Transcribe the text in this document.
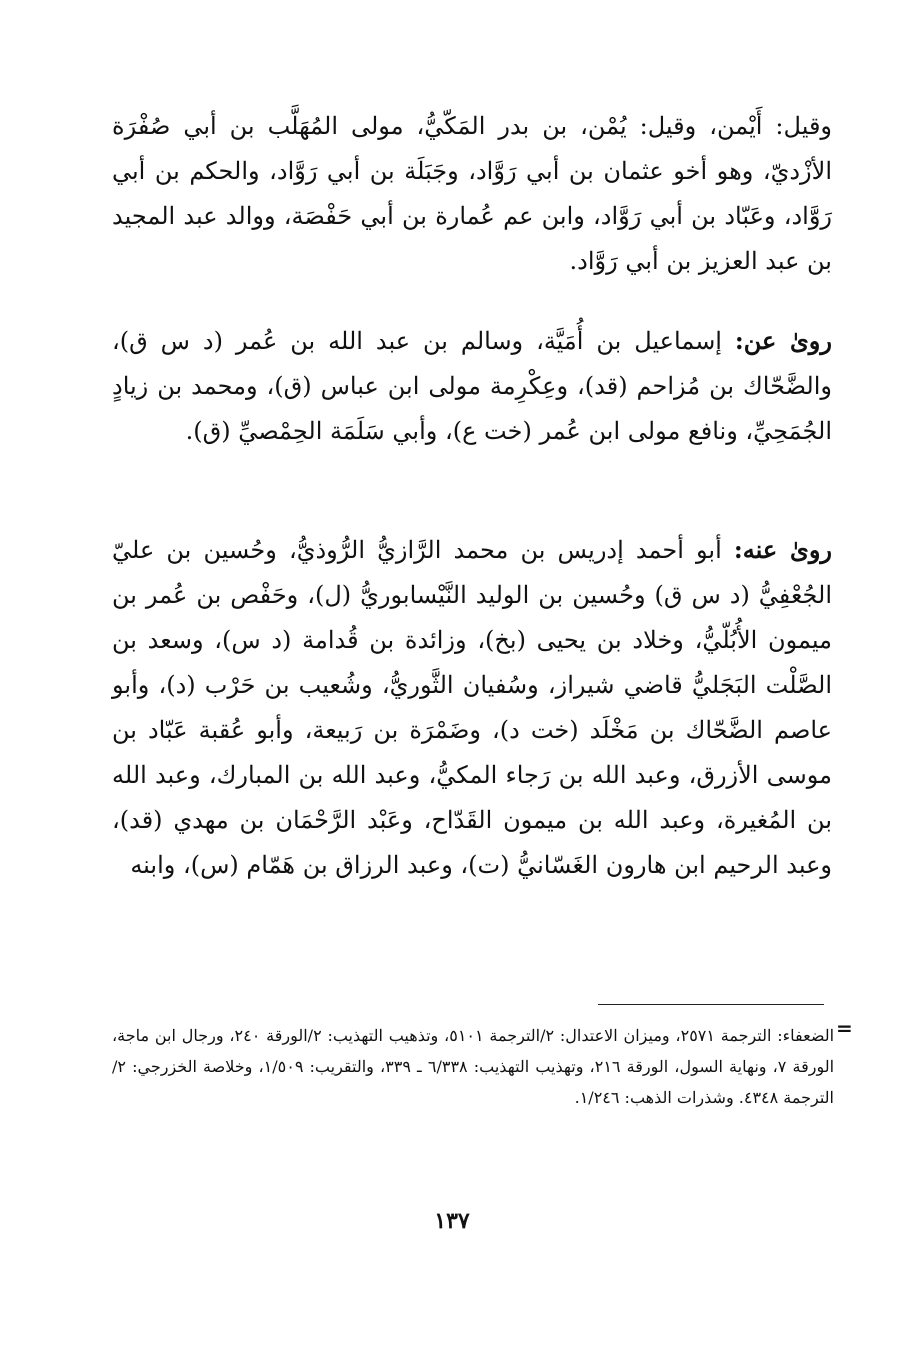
وقيل: أَيْمن، وقيل: يُمْن، بن بدر المَكّيُّ، مولى المُهَلَّب بن أبي صُفْرَة الأزْديّ، وهو أخو عثمان بن أبي رَوَّاد، وجَبَلَة بن أبي رَوَّاد، والحكم بن أبي رَوَّاد، وعَبّاد بن أبي رَوَّاد، وابن عم عُمارة بن أبي حَفْصَة، ووالد عبد المجيد بن عبد العزيز بن أبي رَوَّاد.

روىٰ عن: إسماعيل بن أُمَيَّة، وسالم بن عبد الله بن عُمر (د س ق)، والضَّحّاك بن مُزاحم (قد)، وعِكْرِمة مولى ابن عباس (ق)، ومحمد بن زيادٍ الجُمَحِيِّ، ونافع مولى ابن عُمر (خت ع)، وأبي سَلَمَة الحِمْصيِّ (ق).

روىٰ عنه: أبو أحمد إدريس بن محمد الرَّازيُّ الرُّوذيُّ، وحُسين بن عليّ الجُعْفِيُّ (د س ق) وحُسين بن الوليد النَّيْسابوريُّ (ل)، وحَفْص بن عُمر بن ميمون الأُبُلّيُّ، وخلاد بن يحيى (بخ)، وزائدة بن قُدامة (د س)، وسعد بن الصَّلْت البَجَليُّ قاضي شيراز، وسُفيان الثَّوريُّ، وشُعيب بن حَرْب (د)، وأبو عاصم الضَّحّاك بن مَخْلَد (خت د)، وضَمْرَة بن رَبيعة، وأبو عُقبة عَبّاد بن موسى الأزرق، وعبد الله بن رَجاء المكيُّ، وعبد الله بن المبارك، وعبد الله بن المُغيرة، وعبد الله بن ميمون القَدّاح، وعَبْد الرَّحْمَان بن مهدي (قد)، وعبد الرحيم ابن هارون الغَسّانيُّ (ت)، وعبد الرزاق بن هَمّام (س)، وابنه

=

الضعفاء: الترجمة ٢٥٧١، وميزان الاعتدال: ٢/الترجمة ٥١٠١، وتذهيب التهذيب: ٢/الورقة ٢٤٠، ورجال ابن ماجة، الورقة ٧، ونهاية السول، الورقة ٢١٦، وتهذيب التهذيب: ٦/٣٣٨ ـ ٣٣٩، والتقريب: ١/٥٠٩، وخلاصة الخزرجي: ٢/الترجمة ٤٣٤٨. وشذرات الذهب: ١/٢٤٦.

١٣٧
